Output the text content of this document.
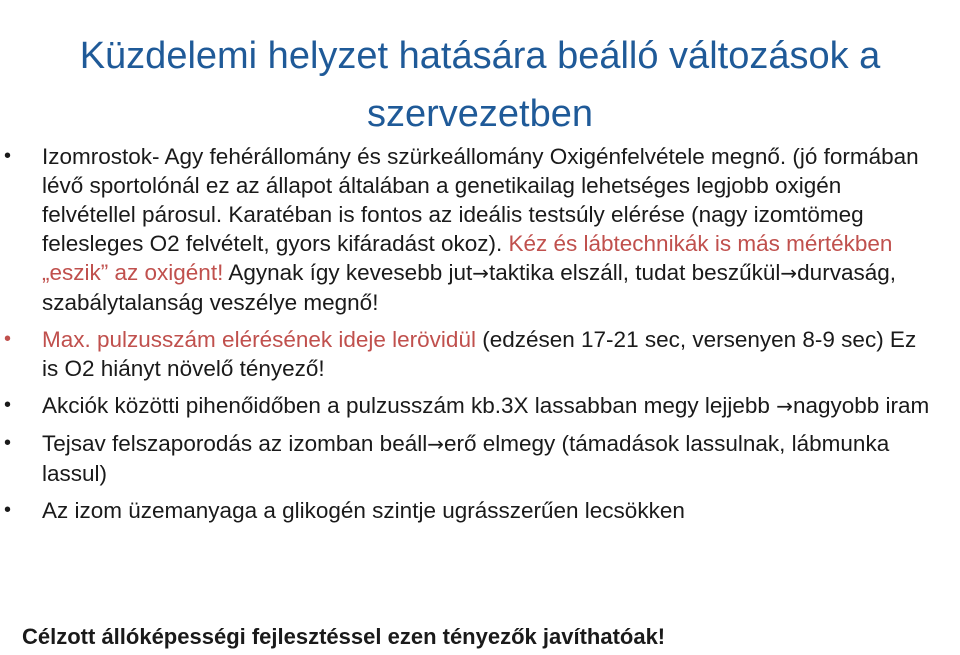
Küzdelemi helyzet hatására beálló változások a szervezetben
•	Izomrostok- Agy fehérállomány és szürkeállomány Oxigénfelvétele megnő. (jó formában lévő sportolónál ez az állapot általában a genetikailag lehetséges legjobb oxigén felvétellel párosul. Karatéban is fontos az ideális testsúly elérése (nagy izomtömeg felesleges O2 felvételt, gyors kifáradást okoz). Kéz és lábtechnikák is más mértékben „eszik” az oxigént! Agynak így kevesebb jut→taktika elszáll, tudat beszűkül→durvaság, szabálytalanság veszélye megnő!
•	Max. pulzusszám elérésének ideje lerövidül (edzésen 17-21 sec, versenyen 8-9 sec) Ez is O2 hiányt növelő tényező!
•	Akciók közötti pihenőidőben a pulzusszám kb.3X lassabban megy lejjebb →nagyobb iram
•	Tejsav felszaporodás az izomban beáll→erő elmegy (támadások lassulnak, lábmunka lassul)
•	Az izom üzemanyaga a glikogén szintje ugrásszerűen lecsökken
Célzott állóképességi fejlesztéssel ezen tényezők javíthatóak!
